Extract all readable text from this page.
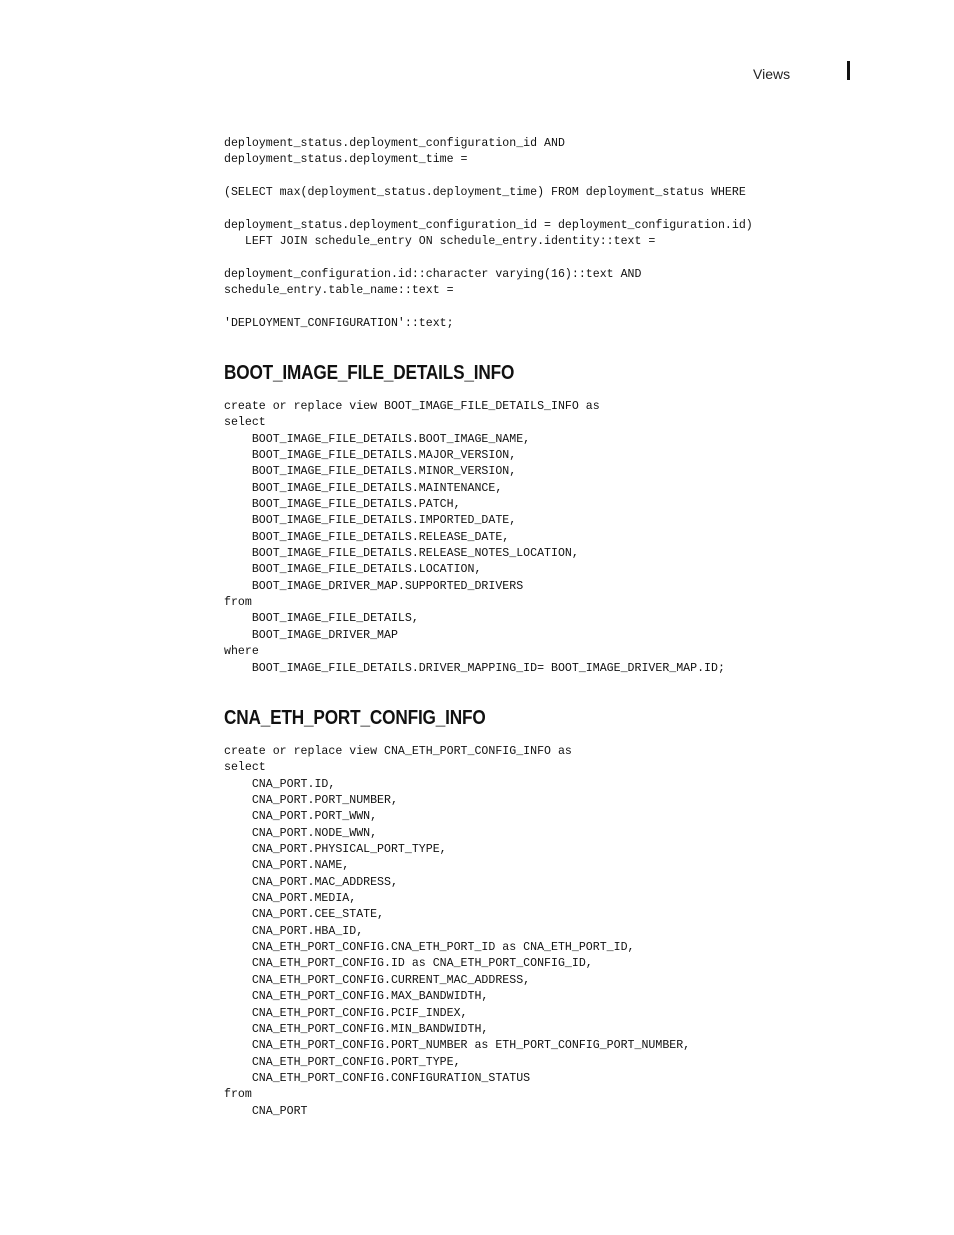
Views
deployment_status.deployment_configuration_id AND
deployment_status.deployment_time =

(SELECT max(deployment_status.deployment_time) FROM deployment_status WHERE

deployment_status.deployment_configuration_id = deployment_configuration.id)
LEFT JOIN schedule_entry ON schedule_entry.identity::text =

deployment_configuration.id::character varying(16)::text AND
schedule_entry.table_name::text =

'DEPLOYMENT_CONFIGURATION'::text;
BOOT_IMAGE_FILE_DETAILS_INFO
create or replace view BOOT_IMAGE_FILE_DETAILS_INFO as
select
BOOT_IMAGE_FILE_DETAILS.BOOT_IMAGE_NAME,
BOOT_IMAGE_FILE_DETAILS.MAJOR_VERSION,
BOOT_IMAGE_FILE_DETAILS.MINOR_VERSION,
BOOT_IMAGE_FILE_DETAILS.MAINTENANCE,
BOOT_IMAGE_FILE_DETAILS.PATCH,
BOOT_IMAGE_FILE_DETAILS.IMPORTED_DATE,
BOOT_IMAGE_FILE_DETAILS.RELEASE_DATE,
BOOT_IMAGE_FILE_DETAILS.RELEASE_NOTES_LOCATION,
BOOT_IMAGE_FILE_DETAILS.LOCATION,
BOOT_IMAGE_DRIVER_MAP.SUPPORTED_DRIVERS
from
BOOT_IMAGE_FILE_DETAILS,
BOOT_IMAGE_DRIVER_MAP
where
BOOT_IMAGE_FILE_DETAILS.DRIVER_MAPPING_ID= BOOT_IMAGE_DRIVER_MAP.ID;
CNA_ETH_PORT_CONFIG_INFO
create or replace view CNA_ETH_PORT_CONFIG_INFO as
select
CNA_PORT.ID,
CNA_PORT.PORT_NUMBER,
CNA_PORT.PORT_WWN,
CNA_PORT.NODE_WWN,
CNA_PORT.PHYSICAL_PORT_TYPE,
CNA_PORT.NAME,
CNA_PORT.MAC_ADDRESS,
CNA_PORT.MEDIA,
CNA_PORT.CEE_STATE,
CNA_PORT.HBA_ID,
CNA_ETH_PORT_CONFIG.CNA_ETH_PORT_ID as CNA_ETH_PORT_ID,
CNA_ETH_PORT_CONFIG.ID as CNA_ETH_PORT_CONFIG_ID,
CNA_ETH_PORT_CONFIG.CURRENT_MAC_ADDRESS,
CNA_ETH_PORT_CONFIG.MAX_BANDWIDTH,
CNA_ETH_PORT_CONFIG.PCIF_INDEX,
CNA_ETH_PORT_CONFIG.MIN_BANDWIDTH,
CNA_ETH_PORT_CONFIG.PORT_NUMBER as ETH_PORT_CONFIG_PORT_NUMBER,
CNA_ETH_PORT_CONFIG.PORT_TYPE,
CNA_ETH_PORT_CONFIG.CONFIGURATION_STATUS
from
CNA_PORT
